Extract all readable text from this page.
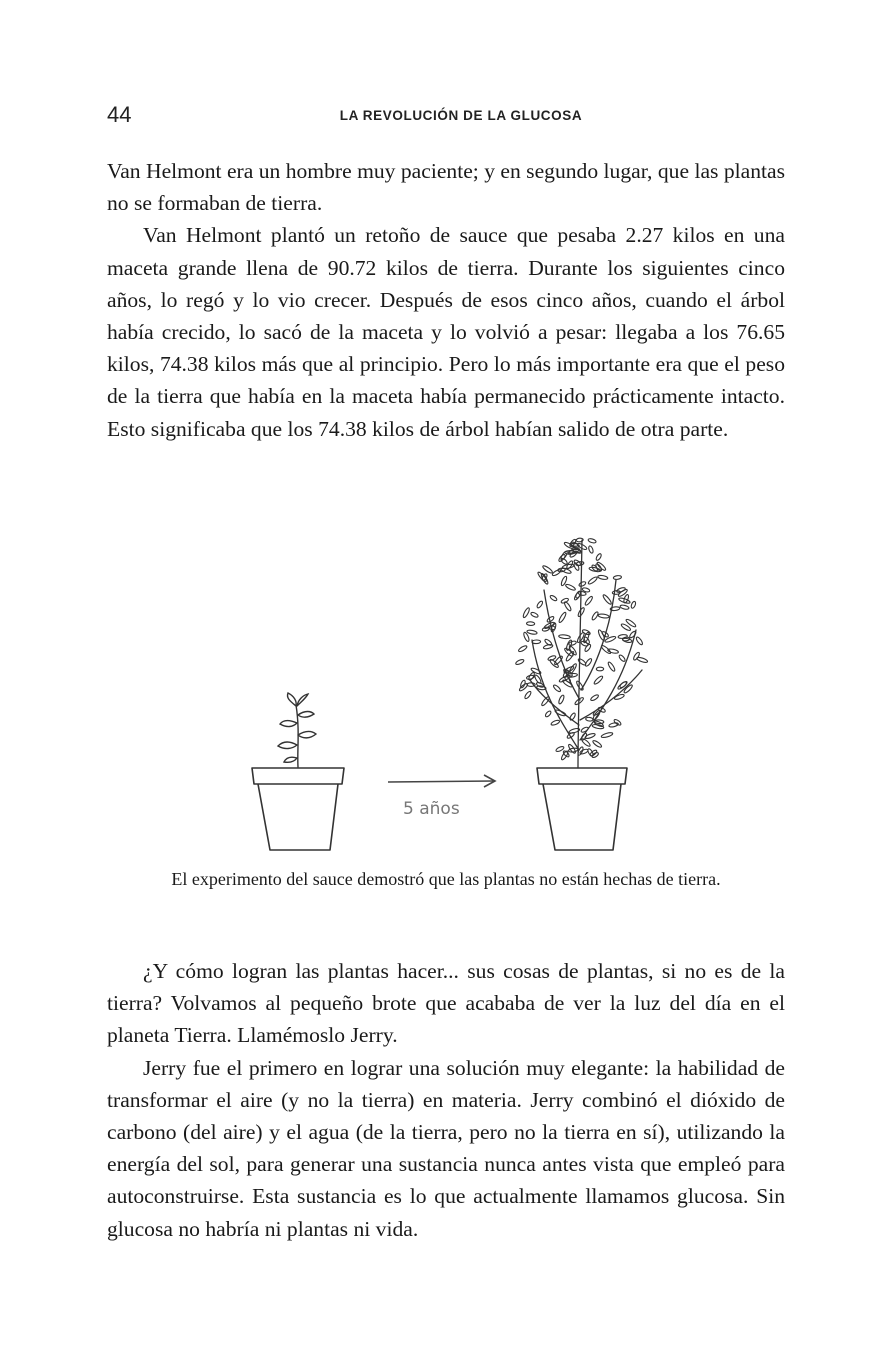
44	LA REVOLUCIÓN DE LA GLUCOSA

Van Helmont era un hombre muy paciente; y en segundo lugar, que las plantas no se formaban de tierra.

Van Helmont plantó un retoño de sauce que pesaba 2.27 kilos en una maceta grande llena de 90.72 kilos de tierra. Durante los siguientes cinco años, lo regó y lo vio crecer. Después de esos cinco años, cuando el árbol había crecido, lo sacó de la maceta y lo volvió a pesar: llegaba a los 76.65 kilos, 74.38 kilos más que al principio. Pero lo más importante era que el peso de la tierra que había en la maceta había permanecido prácticamente intacto. Esto significaba que los 74.38 kilos de árbol habían salido de otra parte.

5 años
El experimento del sauce demostró que las plantas no están hechas de tierra.

¿Y cómo logran las plantas hacer... sus cosas de plantas, si no es de la tierra? Volvamos al pequeño brote que acababa de ver la luz del día en el planeta Tierra. Llamémoslo Jerry.

Jerry fue el primero en lograr una solución muy elegante: la habilidad de transformar el aire (y no la tierra) en materia. Jerry combinó el dióxido de carbono (del aire) y el agua (de la tierra, pero no la tierra en sí), utilizando la energía del sol, para generar una sustancia nunca antes vista que empleó para autoconstruirse. Esta sustancia es lo que actualmente llamamos glucosa. Sin glucosa no habría ni plantas ni vida.
